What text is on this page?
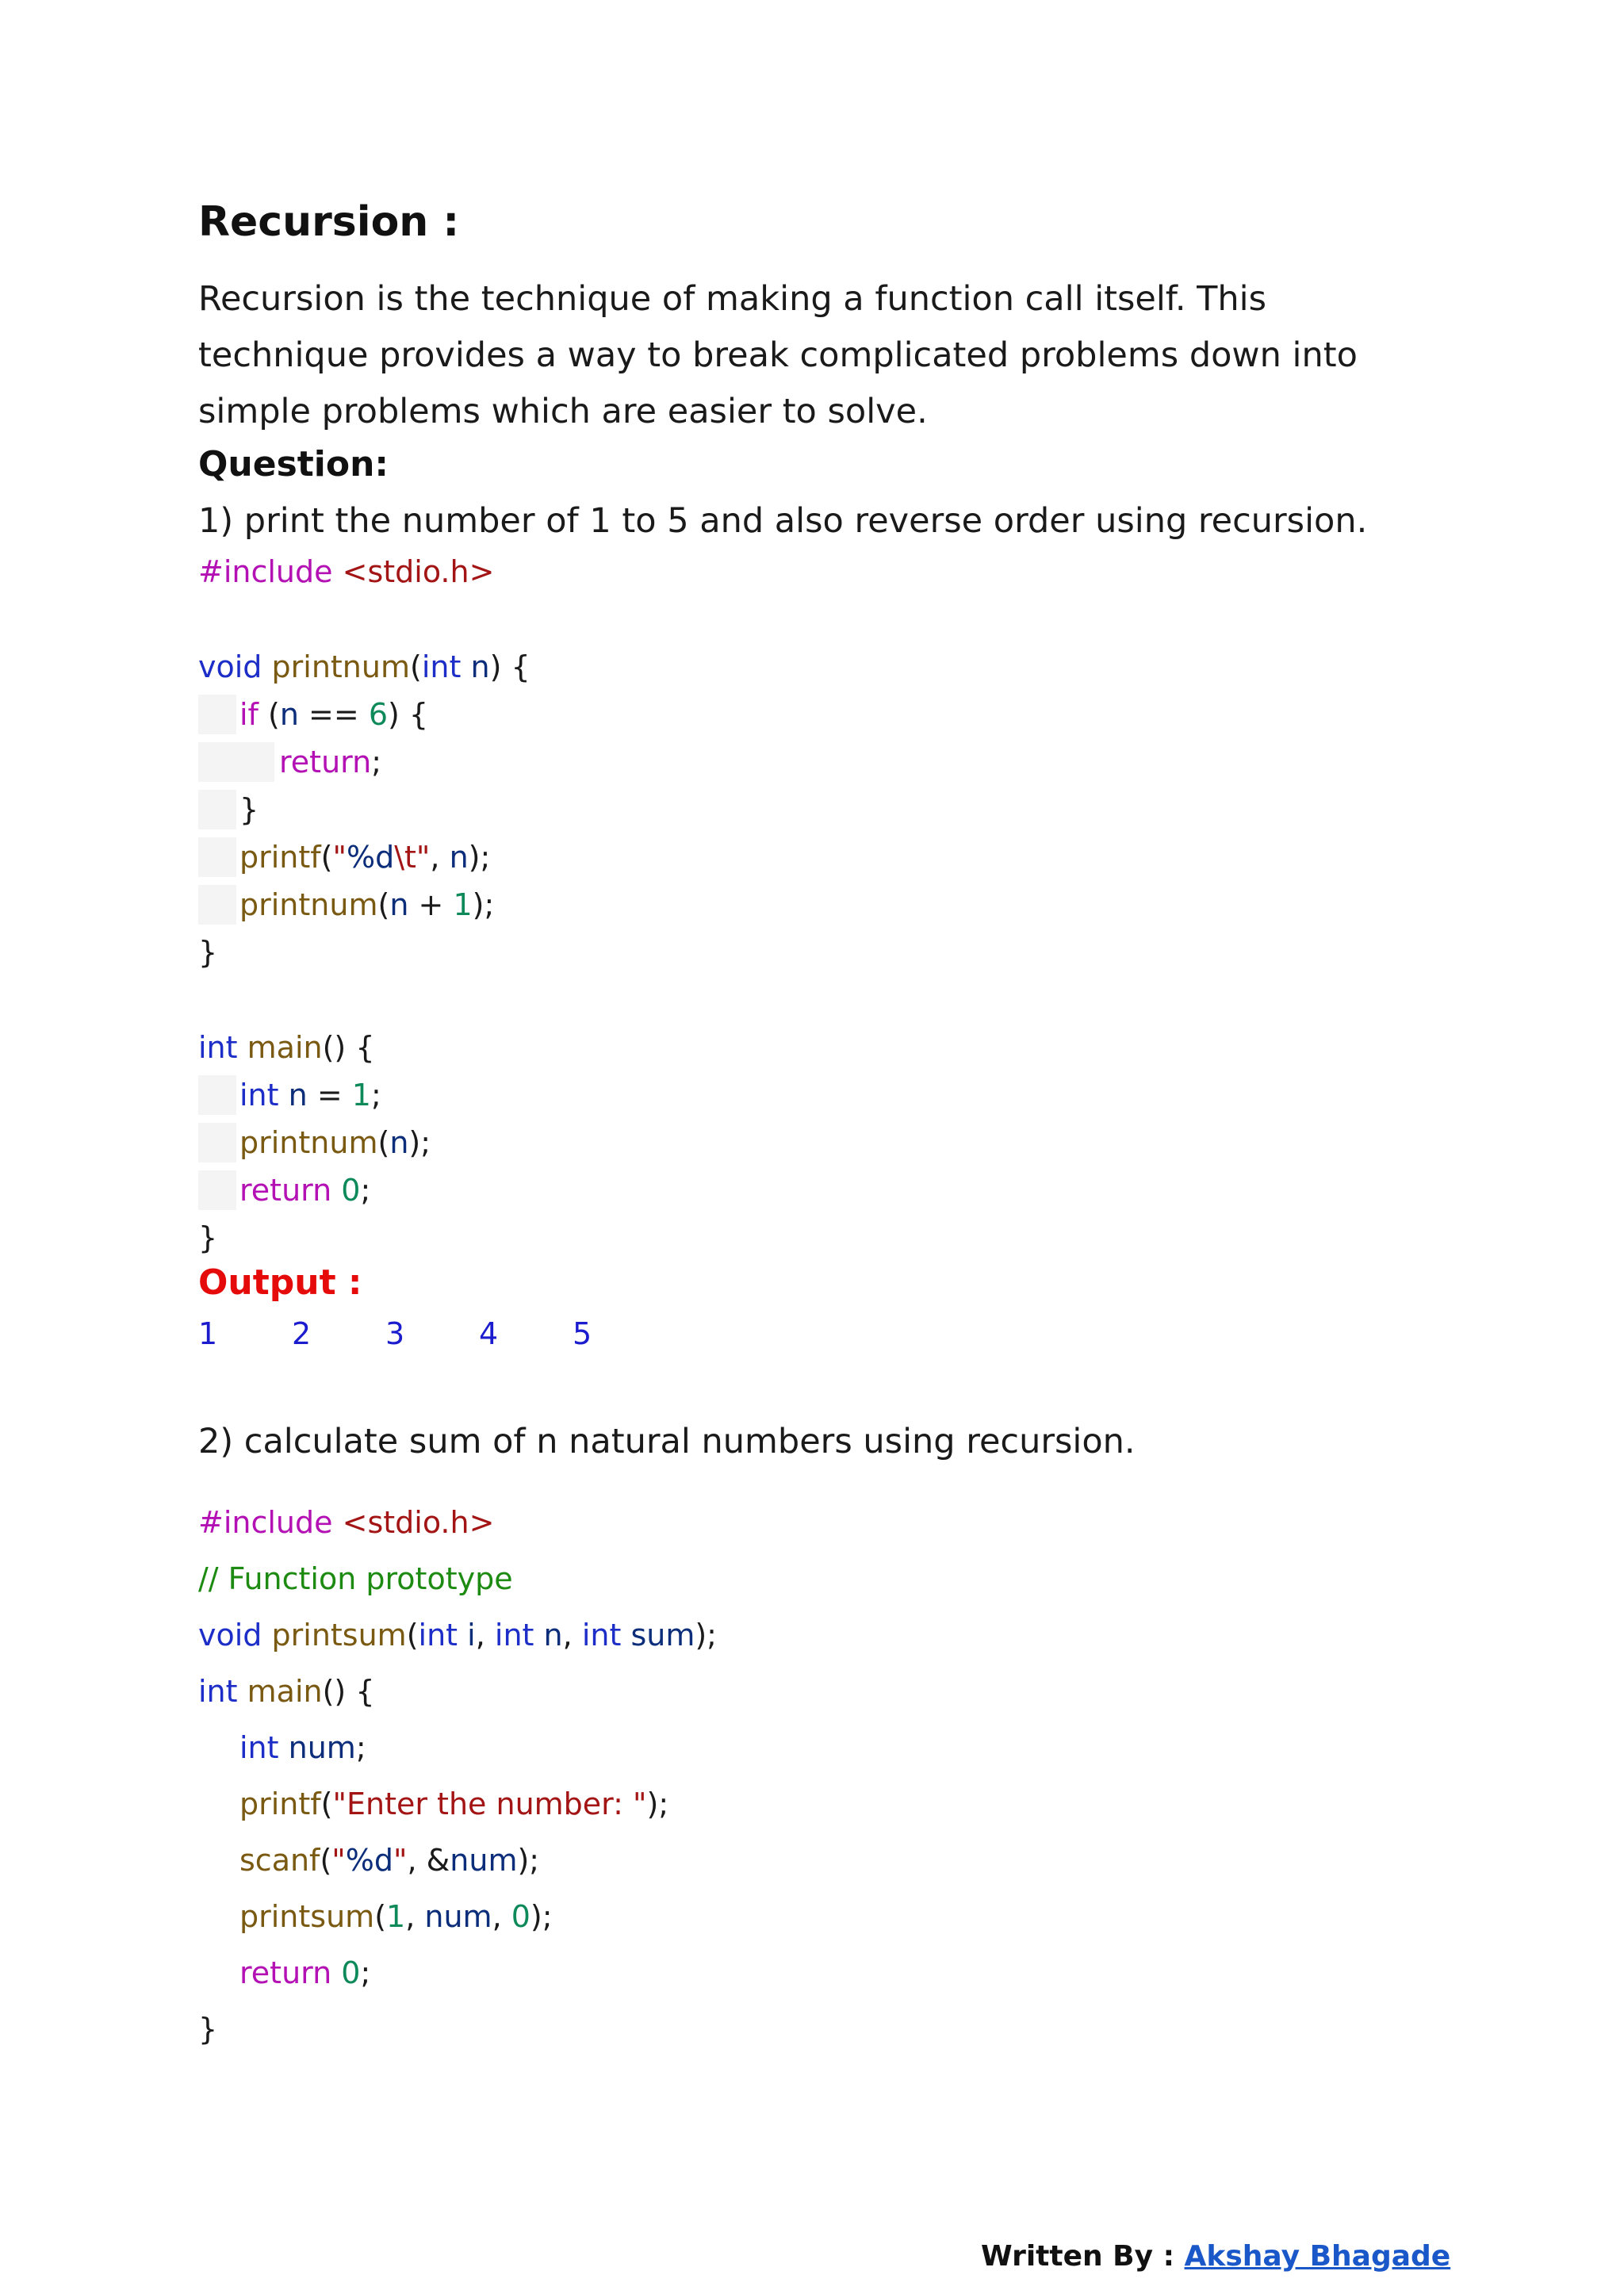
Recursion :

Recursion is the technique of making a function call itself. This
technique provides a way to break complicated problems down into
simple problems which are easier to solve.

Question:

1) print the number of 1 to 5 and also reverse order using recursion.

#include <stdio.h>
void printnum(int n) {
if (n == 6) {
return;
}
printf("%d\t", n);
printnum(n + 1);
}
int main() {
int n = 1;
printnum(n);
return 0;
}
Output :
1 2 3 4 5

2) calculate sum of n natural numbers using recursion.

#include <stdio.h>
// Function prototype
void printsum(int i, int n, int sum);
int main() {
int num;
printf("Enter the number: ");
scanf("%d", &num);
printsum(1, num, 0);
return 0;
}
Written By : Akshay Bhagade
